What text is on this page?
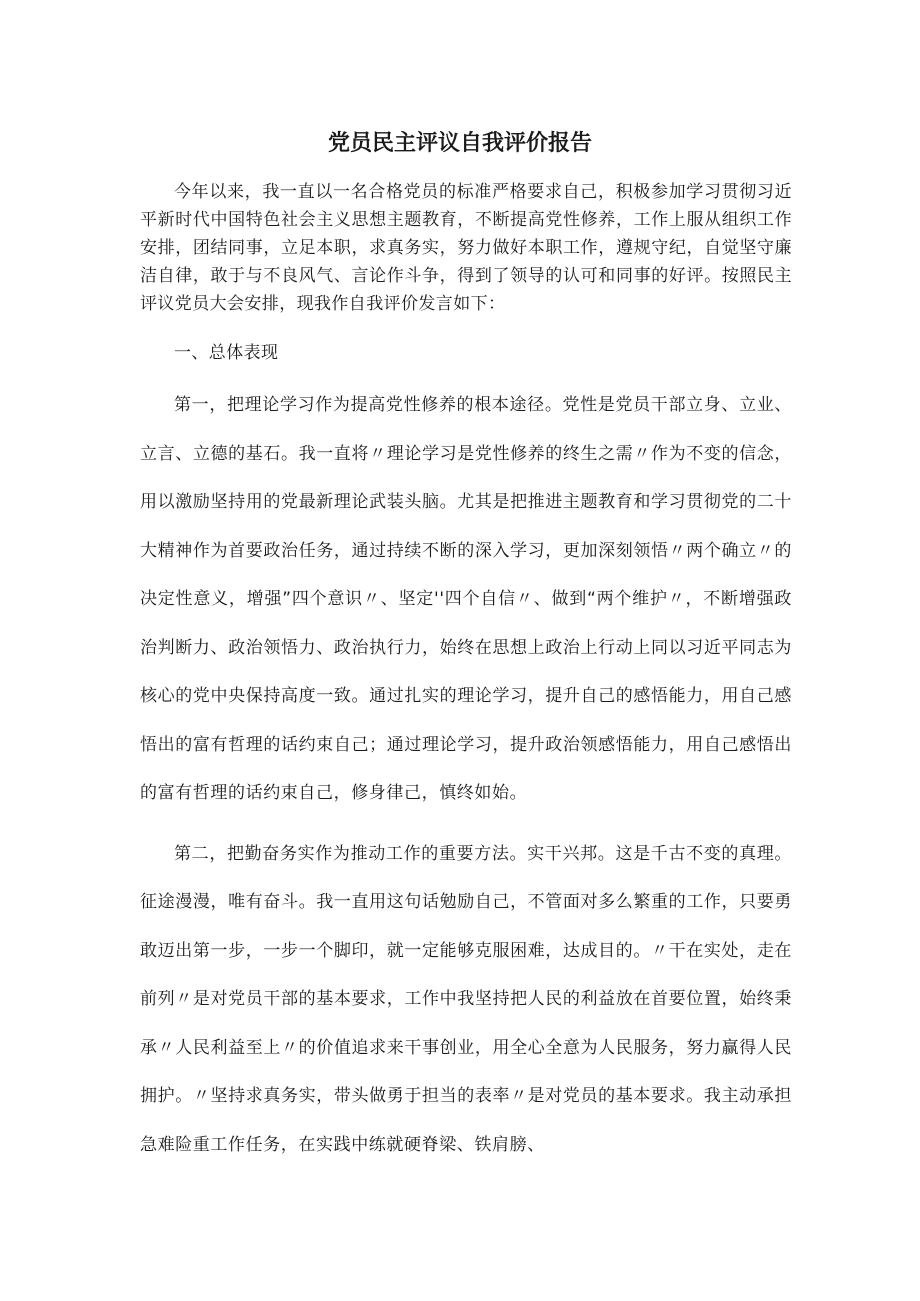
党员民主评议自我评价报告

今年以来，我一直以一名合格党员的标准严格要求自己，积极参加学习贯彻习近平新时代中国特色社会主义思想主题教育，不断提高党性修养，工作上服从组织工作安排，团结同事，立足本职，求真务实，努力做好本职工作，遵规守纪，自觉坚守廉洁自律，敢于与不良风气、言论作斗争，得到了领导的认可和同事的好评。按照民主评议党员大会安排，现我作自我评价发言如下：

一、总体表现

第一，把理论学习作为提高党性修养的根本途径。党性是党员干部立身、立业、立言、立德的基石。我一直将〃理论学习是党性修养的终生之需〃作为不变的信念，用以激励坚持用的党最新理论武装头脑。尤其是把推进主题教育和学习贯彻党的二十大精神作为首要政治任务，通过持续不断的深入学习，更加深刻领悟〃两个确立〃的决定性意义，增强”四个意识〃、坚定''四个自信〃、做到“两个维护〃，不断增强政治判断力、政治领悟力、政治执行力，始终在思想上政治上行动上同以习近平同志为核心的党中央保持高度一致。通过扎实的理论学习，提升自己的感悟能力，用自己感悟出的富有哲理的话约束自己；通过理论学习，提升政治领感悟能力，用自己感悟出的富有哲理的话约束自己，修身律己，慎终如始。

第二，把勤奋务实作为推动工作的重要方法。实干兴邦。这是千古不变的真理。征途漫漫，唯有奋斗。我一直用这句话勉励自己，不管面对多么繁重的工作，只要勇敢迈出第一步，一步一个脚印，就一定能够克服困难，达成目的。〃干在实处，走在前列〃是对党员干部的基本要求，工作中我坚持把人民的利益放在首要位置，始终秉承〃人民利益至上〃的价值追求来干事创业，用全心全意为人民服务，努力赢得人民拥护。〃坚持求真务实，带头做勇于担当的表率〃是对党员的基本要求。我主动承担急难险重工作任务，在实践中练就硬脊梁、铁肩膀、
